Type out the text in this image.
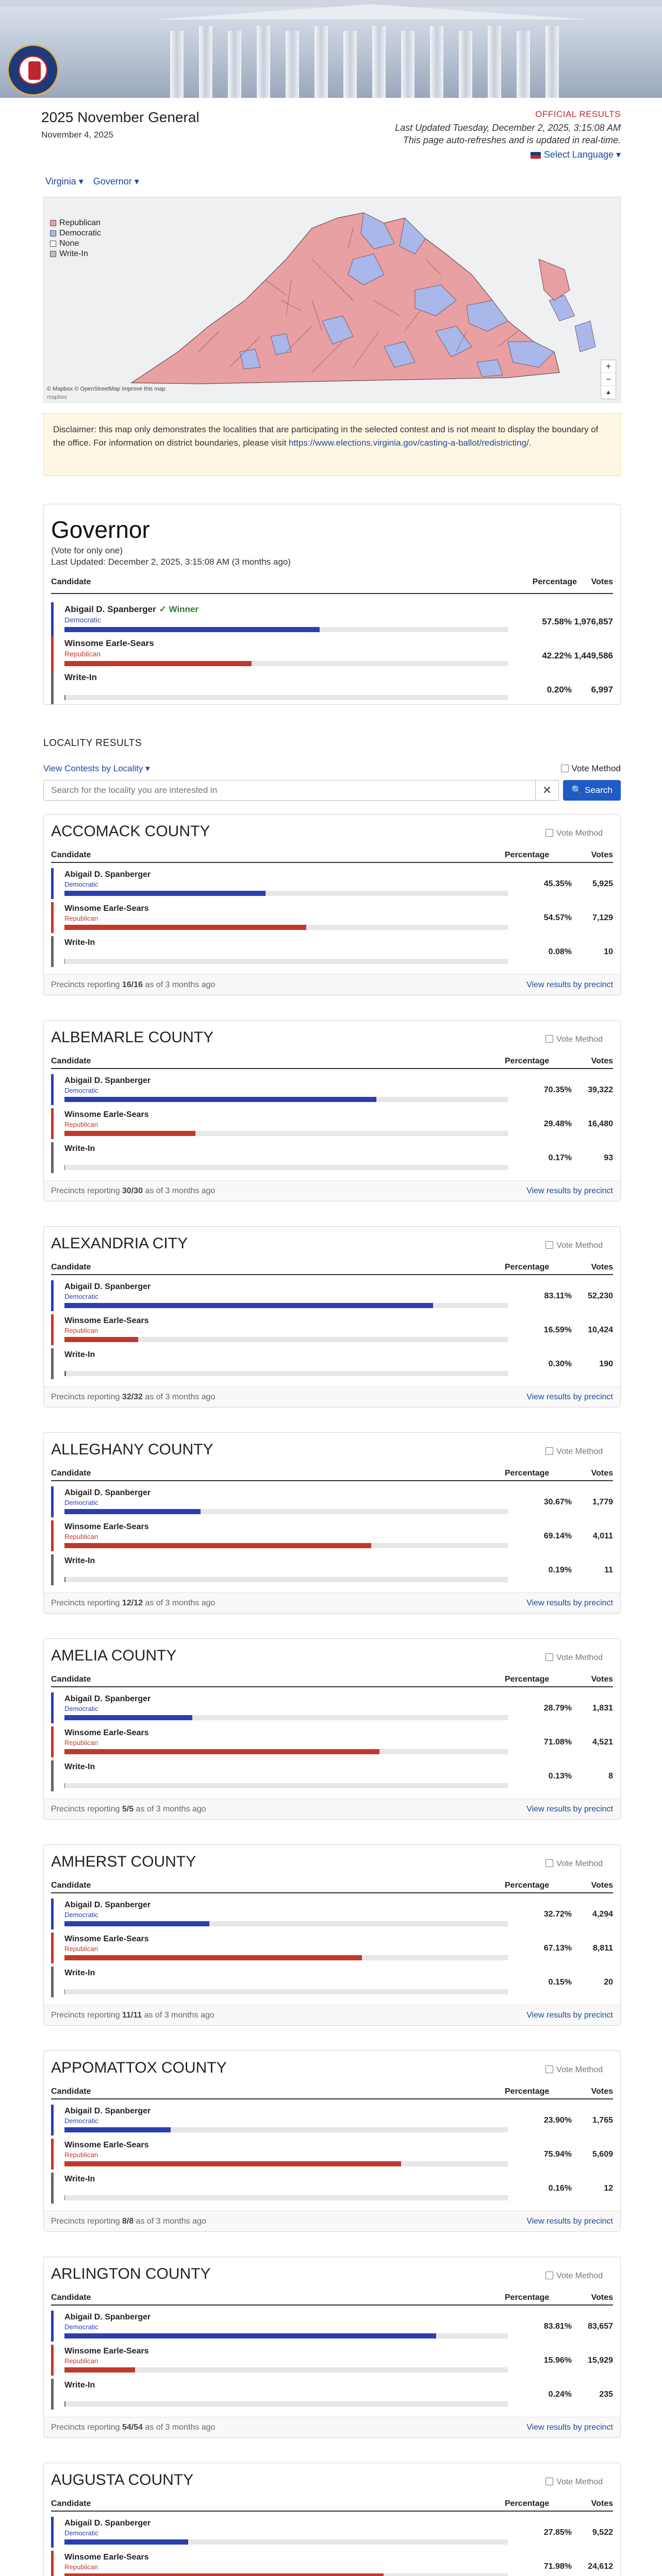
2025 November General
November 4, 2025
OFFICIAL RESULTS
Last Updated Tuesday, December 2, 2025, 3:15:08 AM
This page auto-refreshes and is updated in real-time.
Select Language ▾
Virginia ▾ Governor ▾
Republican
Democratic
None
Write-In
+
−
▲
© Mapbox © OpenStreetMap Improve this map
mapbox
Disclaimer: this map only demonstrates the localities that are participating in the selected contest and is not meant to display the boundary of the office. For information on district boundaries, please visit https://www.elections.virginia.gov/casting-a-ballot/redistricting/.
Governor
(Vote for only one)
Last Updated: December 2, 2025, 3:15:08 AM (3 months ago)
Candidate	Percentage Votes
Abigail D. Spanberger ✓ Winner
Democratic	57.58% 1,976,857
Winsome Earle-Sears
Republican	42.22% 1,449,586
Write-In
0.20% 6,997
LOCALITY RESULTS
View Contests by Locality ▾	Vote Method
Search for the locality you are interested in
✕	🔍 Search
ACCOMACK COUNTY	Vote Method
Candidate	Percentage	Votes
Abigail D. Spanberger
Democratic	45.35% 5,925
Winsome Earle-Sears
Republican	54.57% 7,129
Write-In
0.08%	10
Precincts reporting 16/16 as of 3 months ago	View results by precinct
ALBEMARLE COUNTY	Vote Method
Candidate	Percentage	Votes
Abigail D. Spanberger
Democratic	70.35% 39,322
Winsome Earle-Sears
Republican	29.48% 16,480
Write-In
0.17%	93
Precincts reporting 30/30 as of 3 months ago	View results by precinct
ALEXANDRIA CITY	Vote Method
Candidate	Percentage	Votes
Abigail D. Spanberger
Democratic	83.11% 52,230
Winsome Earle-Sears
Republican	16.59% 10,424
Write-In
0.30%	190
Precincts reporting 32/32 as of 3 months ago	View results by precinct
ALLEGHANY COUNTY	Vote Method
Candidate	Percentage	Votes
Abigail D. Spanberger
Democratic	30.67% 1,779
Winsome Earle-Sears
Republican	69.14%	4,011
Write-In
0.19%	11
Precincts reporting 12/12 as of 3 months ago	View results by precinct
AMELIA COUNTY	Vote Method
Candidate	Percentage	Votes
Abigail D. Spanberger
Democratic	28.79% 1,831
Winsome Earle-Sears
Republican	71.08% 4,521
Write-In
0.13%	8
Precincts reporting 5/5 as of 3 months ago	View results by precinct
AMHERST COUNTY	Vote Method
Candidate	Percentage	Votes
Abigail D. Spanberger
Democratic	32.72% 4,294
Winsome Earle-Sears
Republican	67.13%	8,811
Write-In
0.15%	20
Precincts reporting 11/11 as of 3 months ago	View results by precinct
APPOMATTOX COUNTY	Vote Method
Candidate	Percentage	Votes
Abigail D. Spanberger
Democratic	23.90% 1,765
Winsome Earle-Sears
Republican	75.94% 5,609
Write-In
0.16%	12
Precincts reporting 8/8 as of 3 months ago	View results by precinct
ARLINGTON COUNTY	Vote Method
Candidate	Percentage	Votes
Abigail D. Spanberger
Democratic	83.81% 83,657
Winsome Earle-Sears
Republican	15.96% 15,929
Write-In
0.24%	235
Precincts reporting 54/54 as of 3 months ago	View results by precinct
AUGUSTA COUNTY	Vote Method
Candidate	Percentage	Votes
Abigail D. Spanberger
Democratic	27.85% 9,522
Winsome Earle-Sears
Republican	71.98% 24,612
